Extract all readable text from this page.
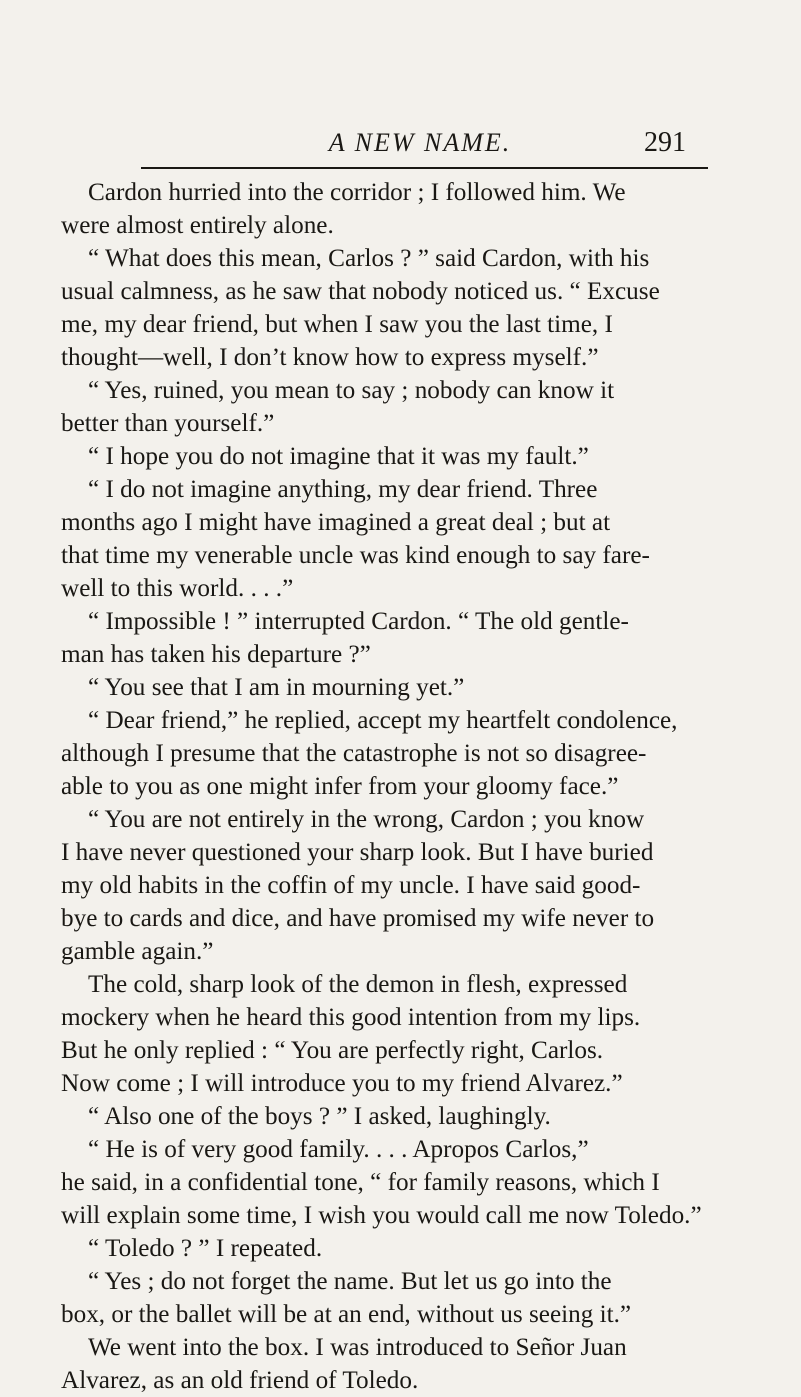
A NEW NAME.	291
Cardon hurried into the corridor ; I followed him. We
were almost entirely alone.
“ What does this mean, Carlos ? ” said Cardon, with his
usual calmness, as he saw that nobody noticed us. “ Excuse
me, my dear friend, but when I saw you the last time, I
thought—well, I don’t know how to express myself.”
“ Yes, ruined, you mean to say ; nobody can know it
better than yourself.”
“ I hope you do not imagine that it was my fault.”
“ I do not imagine anything, my dear friend. Three
months ago I might have imagined a great deal ; but at
that time my venerable uncle was kind enough to say fare-
well to this world. . . .”
“ Impossible ! ” interrupted Cardon. “ The old gentle-
man has taken his departure ?”
“ You see that I am in mourning yet.”
“ Dear friend,” he replied, accept my heartfelt condolence,
although I presume that the catastrophe is not so disagree-
able to you as one might infer from your gloomy face.”
“ You are not entirely in the wrong, Cardon ; you know
I have never questioned your sharp look. But I have buried
my old habits in the coffin of my uncle. I have said good-
bye to cards and dice, and have promised my wife never to
gamble again.”
The cold, sharp look of the demon in flesh, expressed
mockery when he heard this good intention from my lips.
But he only replied : “ You are perfectly right, Carlos.
Now come ; I will introduce you to my friend Alvarez.”
“ Also one of the boys ? ” I asked, laughingly.
“ He is of very good family. . . . Apropos Carlos,”
he said, in a confidential tone, “ for family reasons, which I
will explain some time, I wish you would call me now Toledo.”
“ Toledo ? ” I repeated.
“ Yes ; do not forget the name. But let us go into the
box, or the ballet will be at an end, without us seeing it.”
We went into the box. I was introduced to Señor Juan
Alvarez, as an old friend of Toledo.
